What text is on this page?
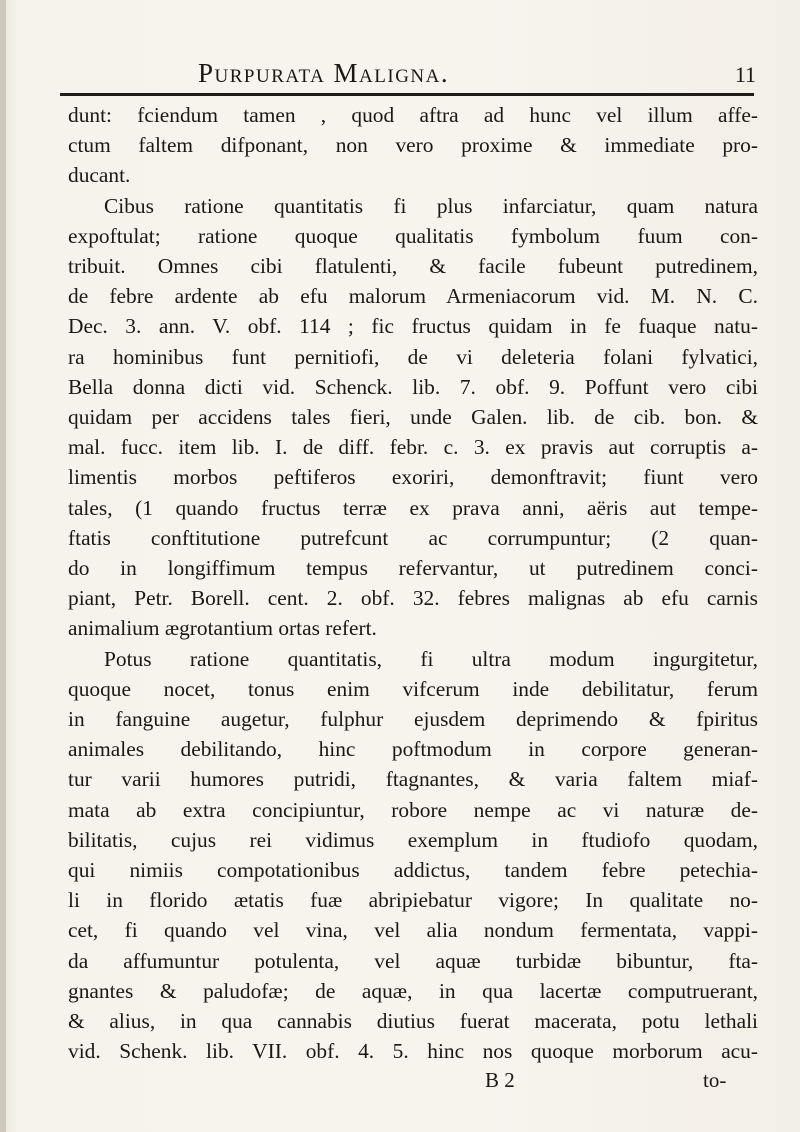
Purpurata Maligna.	11
dunt: fciendum tamen , quod aftra ad hunc vel illum affe-
ctum faltem difponant, non vero proxime & immediate pro-
ducant.
Cibus ratione quantitatis fi plus infarciatur, quam natura
expoftulat; ratione quoque qualitatis fymbolum fuum con-
tribuit. Omnes cibi flatulenti, & facile fubeunt putredinem,
de febre ardente ab efu malorum Armeniacorum vid. M. N. C.
Dec. 3. ann. V. obf. 114 ; fic fructus quidam in fe fuaque natu-
ra hominibus funt pernitiofi, de vi deleteria folani fylvatici,
Bella donna dicti vid. Schenck. lib. 7. obf. 9. Poffunt vero cibi
quidam per accidens tales fieri, unde Galen. lib. de cib. bon. &
mal. fucc. item lib. I. de diff. febr. c. 3. ex pravis aut corruptis a-
limentis morbos peftiferos exoriri, demonftravit; fiunt vero
tales, (1 quando fructus terræ ex prava anni, aëris aut tempe-
ftatis conftitutione putrefcunt ac corrumpuntur; (2 quan-
do in longiffimum tempus refervantur, ut putredinem conci-
piant, Petr. Borell. cent. 2. obf. 32. febres malignas ab efu carnis
animalium ægrotantium ortas refert.
Potus ratione quantitatis, fi ultra modum ingurgitetur,
quoque nocet, tonus enim vifcerum inde debilitatur, ferum
in fanguine augetur, fulphur ejusdem deprimendo & fpiritus
animales debilitando, hinc poftmodum in corpore generan-
tur varii humores putridi, ftagnantes, & varia faltem miaf-
mata ab extra concipiuntur, robore nempe ac vi naturæ de-
bilitatis, cujus rei vidimus exemplum in ftudiofo quodam,
qui nimiis compotationibus addictus, tandem febre petechia-
li in florido ætatis fuæ abripiebatur vigore; In qualitate no-
cet, fi quando vel vina, vel alia nondum fermentata, vappi-
da affumuntur potulenta, vel aquæ turbidæ bibuntur, fta-
gnantes & paludofæ; de aquæ, in qua lacertæ computruerant,
& alius, in qua cannabis diutius fuerat macerata, potu lethali
vid. Schenk. lib. VII. obf. 4. 5. hinc nos quoque morborum acu-
B 2	to-
